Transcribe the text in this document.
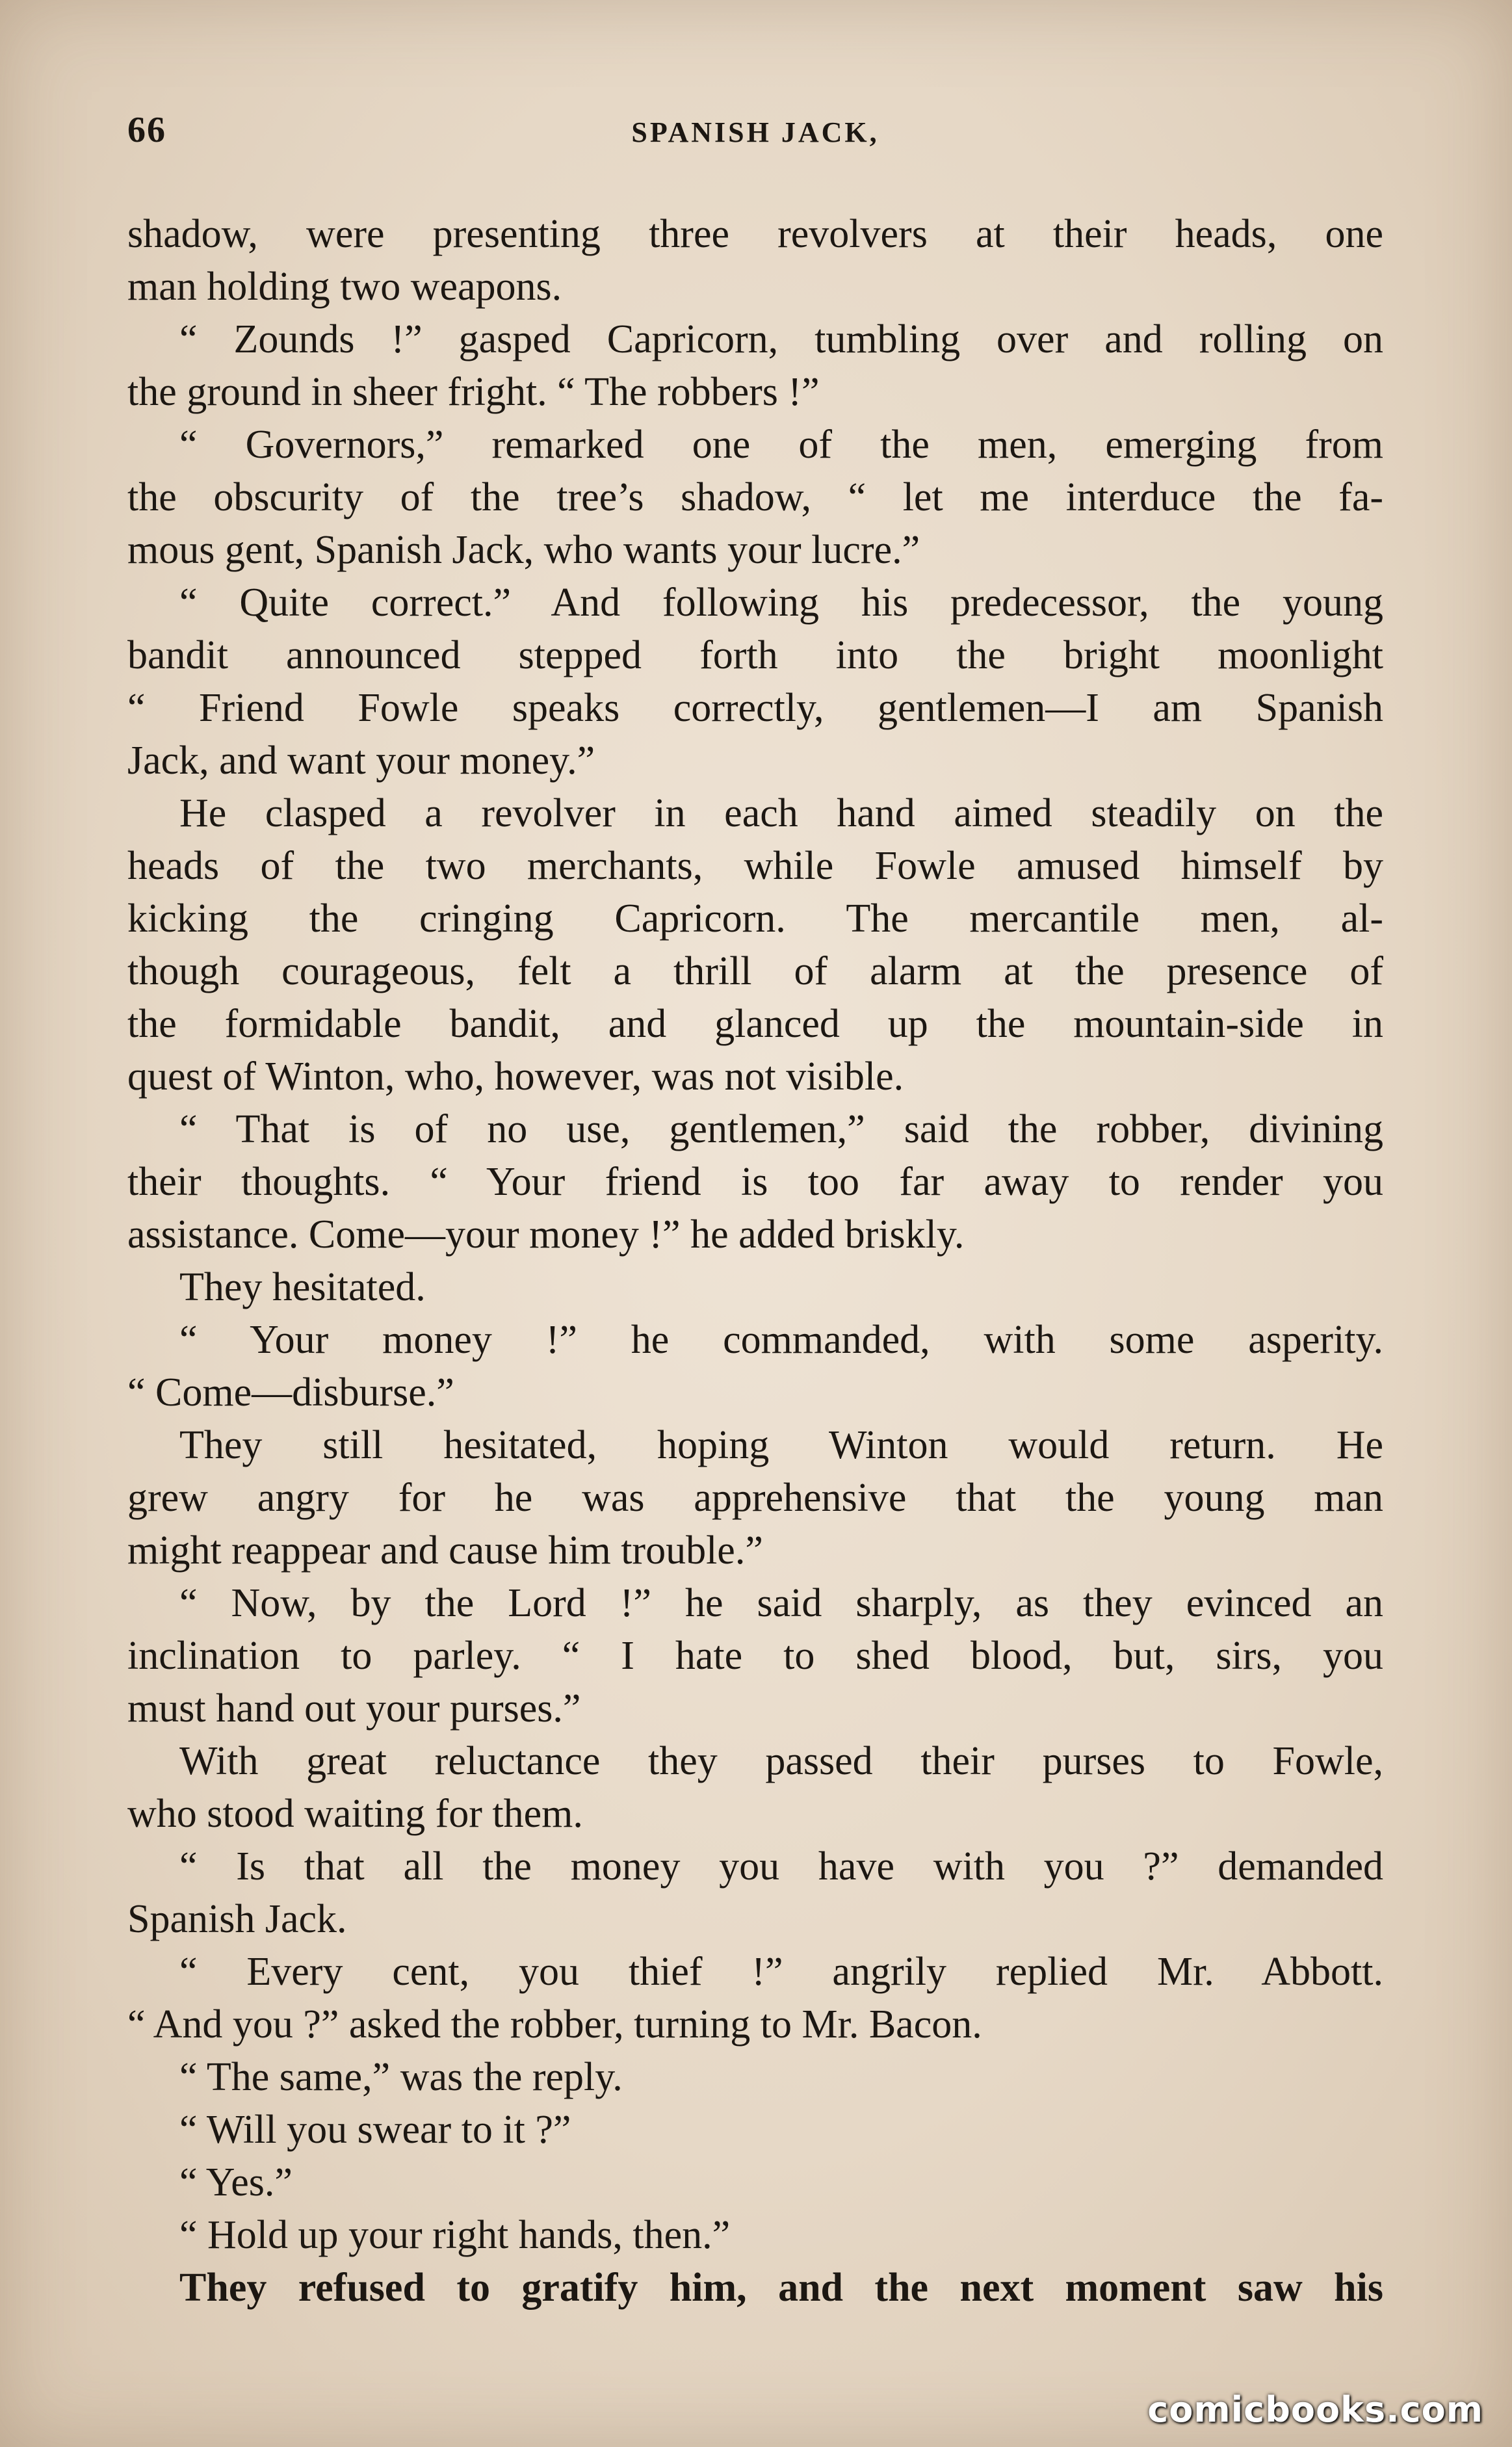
66	SPANISH JACK,
shadow, were presenting three revolvers at their heads, one
man holding two weapons.
“ Zounds !” gasped Capricorn, tumbling over and rolling on
the ground in sheer fright. “ The robbers !”
“ Governors,” remarked one of the men, emerging from
the obscurity of the tree’s shadow, “ let me interduce the fa-
mous gent, Spanish Jack, who wants your lucre.”
“ Quite correct.” And following his predecessor, the young
bandit announced stepped forth into the bright moonlight
“ Friend Fowle speaks correctly, gentlemen—I am Spanish
Jack, and want your money.”
He clasped a revolver in each hand aimed steadily on the
heads of the two merchants, while Fowle amused himself by
kicking the cringing Capricorn. The mercantile men, al-
though courageous, felt a thrill of alarm at the presence of
the formidable bandit, and glanced up the mountain-side in
quest of Winton, who, however, was not visible.
“ That is of no use, gentlemen,” said the robber, divining
their thoughts. “ Your friend is too far away to render you
assistance. Come—your money !” he added briskly.
They hesitated.
“ Your money !” he commanded, with some asperity.
“ Come—disburse.”
They still hesitated, hoping Winton would return. He
grew angry for he was apprehensive that the young man
might reappear and cause him trouble.”
“ Now, by the Lord !” he said sharply, as they evinced an
inclination to parley. “ I hate to shed blood, but, sirs, you
must hand out your purses.”
With great reluctance they passed their purses to Fowle,
who stood waiting for them.
“ Is that all the money you have with you ?” demanded
Spanish Jack.
“ Every cent, you thief !” angrily replied Mr. Abbott.
“ And you ?” asked the robber, turning to Mr. Bacon.
“ The same,” was the reply.
“ Will you swear to it ?”
“ Yes.”
“ Hold up your right hands, then.”
They refused to gratify him, and the next moment saw his
comicbooks.com
